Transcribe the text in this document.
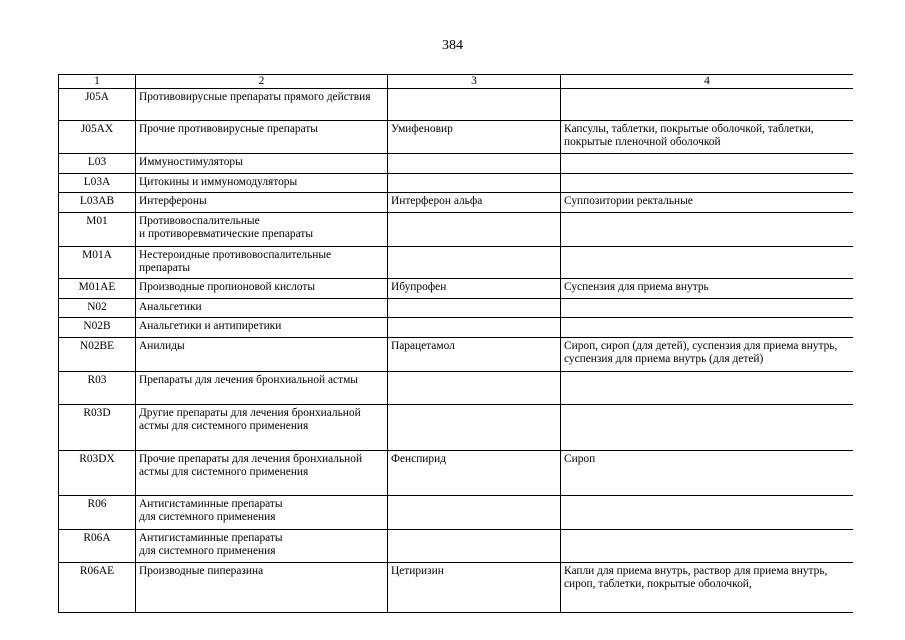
384
1	2	3	4
J05A	Противовирусные препараты прямого действия		
J05AX	Прочие противовирусные препараты	Умифеновир	Капсулы, таблетки, покрытые оболочкой, таблетки, покрытые пленочной оболочкой
L03	Иммуностимуляторы		
L03A	Цитокины и иммуномодуляторы		
L03AB	Интерфероны	Интерферон альфа	Суппозитории ректальные
M01	Противовоспалительные
и противоревматические препараты		
M01A	Нестероидные противовоспалительные препараты		
M01AE	Производные пропионовой кислоты	Ибупрофен	Суспензия для приема внутрь
N02	Анальгетики		
N02B	Анальгетики и антипиретики		
N02BE	Анилиды	Парацетамол	Сироп, сироп (для детей), суспензия для приема внутрь, суспензия для приема внутрь (для детей)
R03	Препараты для лечения бронхиальной астмы		
R03D	Другие препараты для лечения бронхиальной астмы для системного применения		
R03DX	Прочие препараты для лечения бронхиальной астмы для системного применения	Фенспирид	Сироп
R06	Антигистаминные препараты
для системного применения		
R06A	Антигистаминные препараты
для системного применения		
R06AE	Производные пиперазина	Цетиризин	Капли для приема внутрь, раствор для приема внутрь, сироп, таблетки, покрытые оболочкой,
